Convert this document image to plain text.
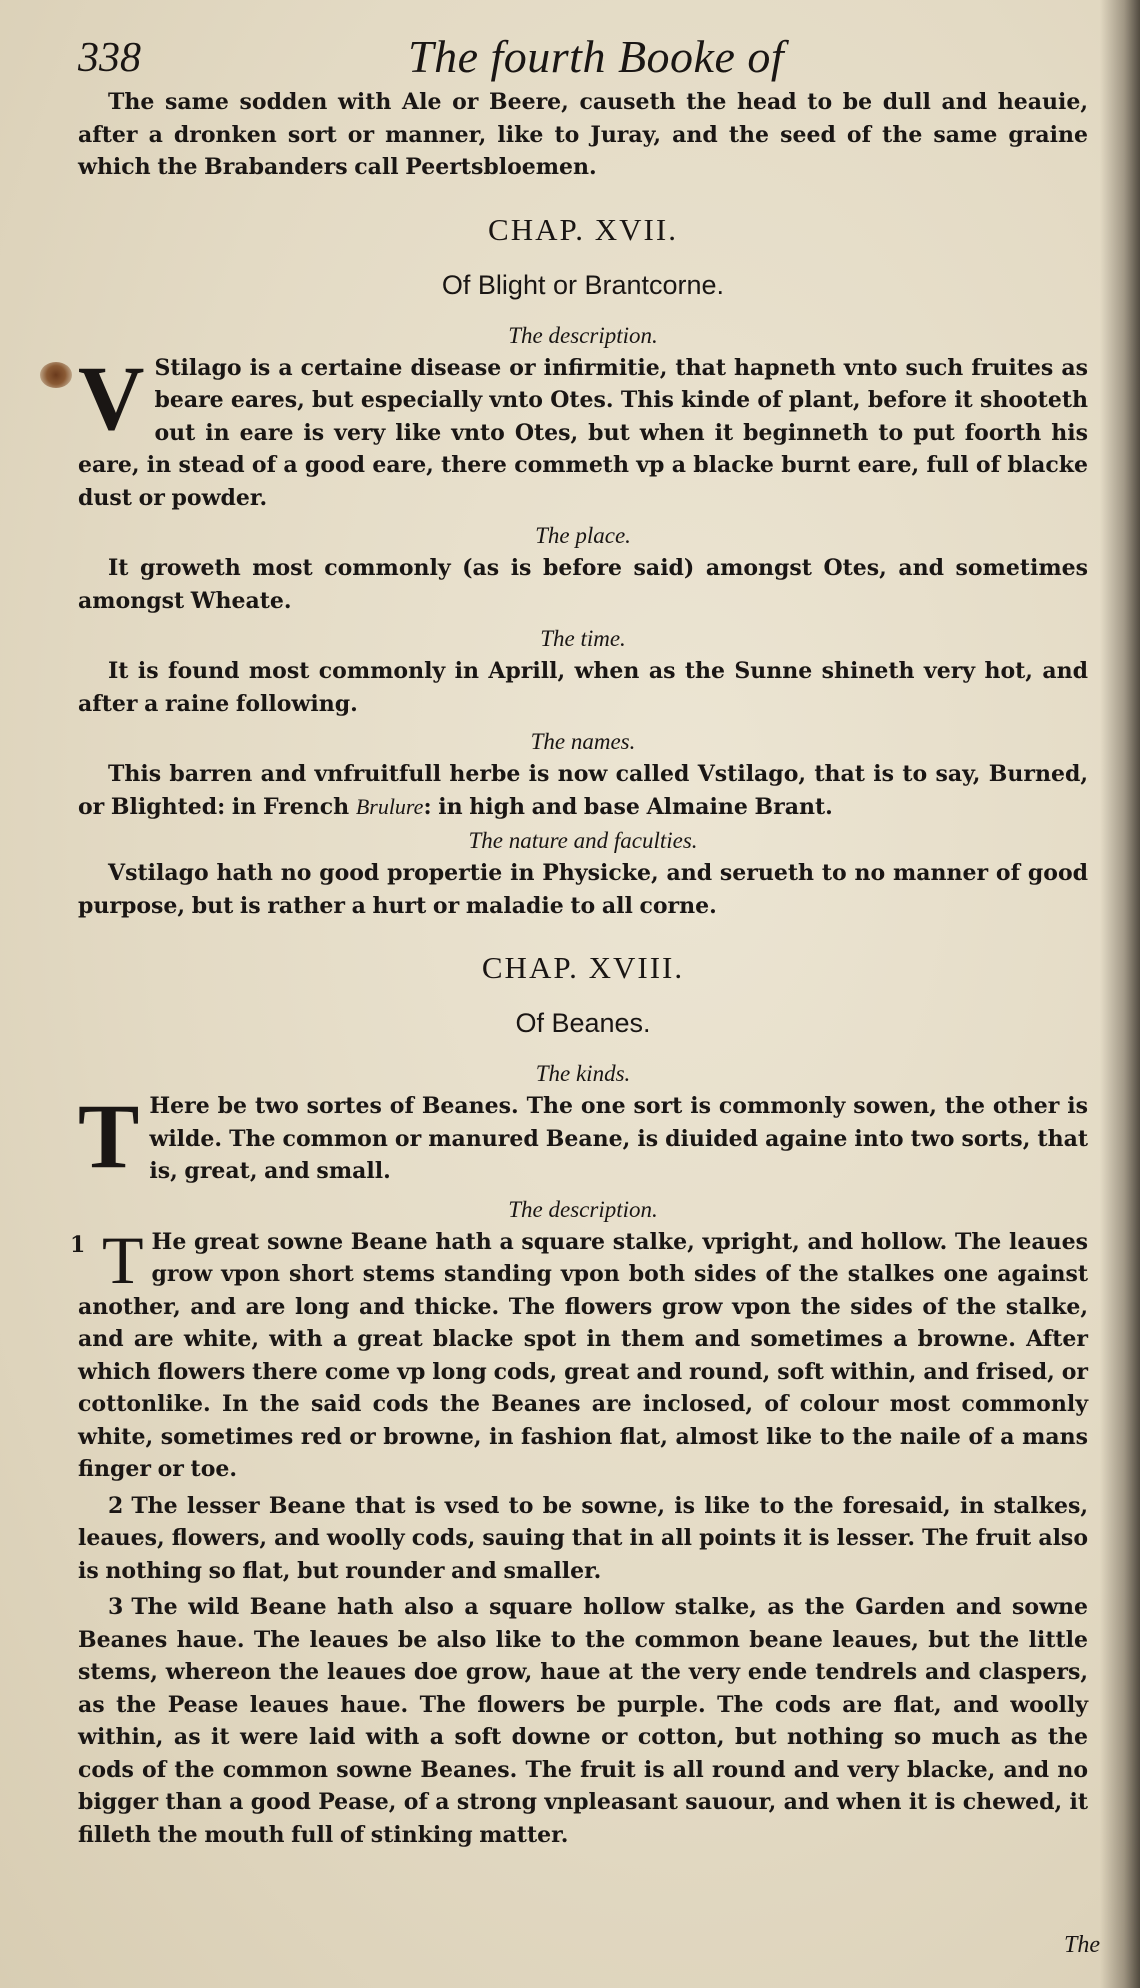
338	The fourth Booke of

The same sodden with Ale or Beere, causeth the head to be dull and heauie, after a dronken sort or manner, like to Juray, and the seed of the same graine which the Brabanders call Peertsbloemen.

CHAP. XVII.
Of Blight or Brantcorne.
The description.
V Stilago is a certaine disease or infirmitie, that hapneth vnto such fruites as beare eares, but especially vnto Otes. This kinde of plant, before it shooteth out in eare is very like vnto Otes, but when it beginneth to put foorth his eare, in stead of a good eare, there commeth vp a blacke burnt eare, full of blacke dust or powder.

The place.

It groweth most commonly (as is before said) amongst Otes, and sometimes amongst Wheate.

The time.

It is found most commonly in Aprill, when as the Sunne shineth very hot, and after a raine following.

The names.

This barren and vnfruitfull herbe is now called Vstilago, that is to say, Burned, or Blighted: in French Brulure: in high and base Almaine Brant.

The nature and faculties.

Vstilago hath no good propertie in Physicke, and serueth to no manner of good purpose, but is rather a hurt or maladie to all corne.

CHAP. XVIII.
Of Beanes.
The kinds.
T Here be two sortes of Beanes. The one sort is commonly sowen, the other is wilde. The common or manured Beane, is diuided againe into two sorts, that is, great, and small.

The description.
1 T He great sowne Beane hath a square stalke, vpright, and hollow. The leaues grow vpon short stems standing vpon both sides of the stalkes one against another, and are long and thicke. The flowers grow vpon the sides of the stalke, and are white, with a great blacke spot in them and sometimes a browne. After which flowers there come vp long cods, great and round, soft within, and frised, or cottonlike. In the said cods the Beanes are inclosed, of colour most commonly white, sometimes red or browne, in fashion flat, almost like to the naile of a mans finger or toe.

2 The lesser Beane that is vsed to be sowne, is like to the foresaid, in stalkes, leaues, flowers, and woolly cods, sauing that in all points it is lesser. The fruit also is nothing so flat, but rounder and smaller.

3 The wild Beane hath also a square hollow stalke, as the Garden and sowne Beanes haue. The leaues be also like to the common beane leaues, but the little stems, whereon the leaues doe grow, haue at the very ende tendrels and claspers, as the Pease leaues haue. The flowers be purple. The cods are flat, and woolly within, as it were laid with a soft downe or cotton, but nothing so much as the cods of the common sowne Beanes. The fruit is all round and very blacke, and no bigger than a good Pease, of a strong vnpleasant sauour, and when it is chewed, it filleth the mouth full of stinking matter.

The
